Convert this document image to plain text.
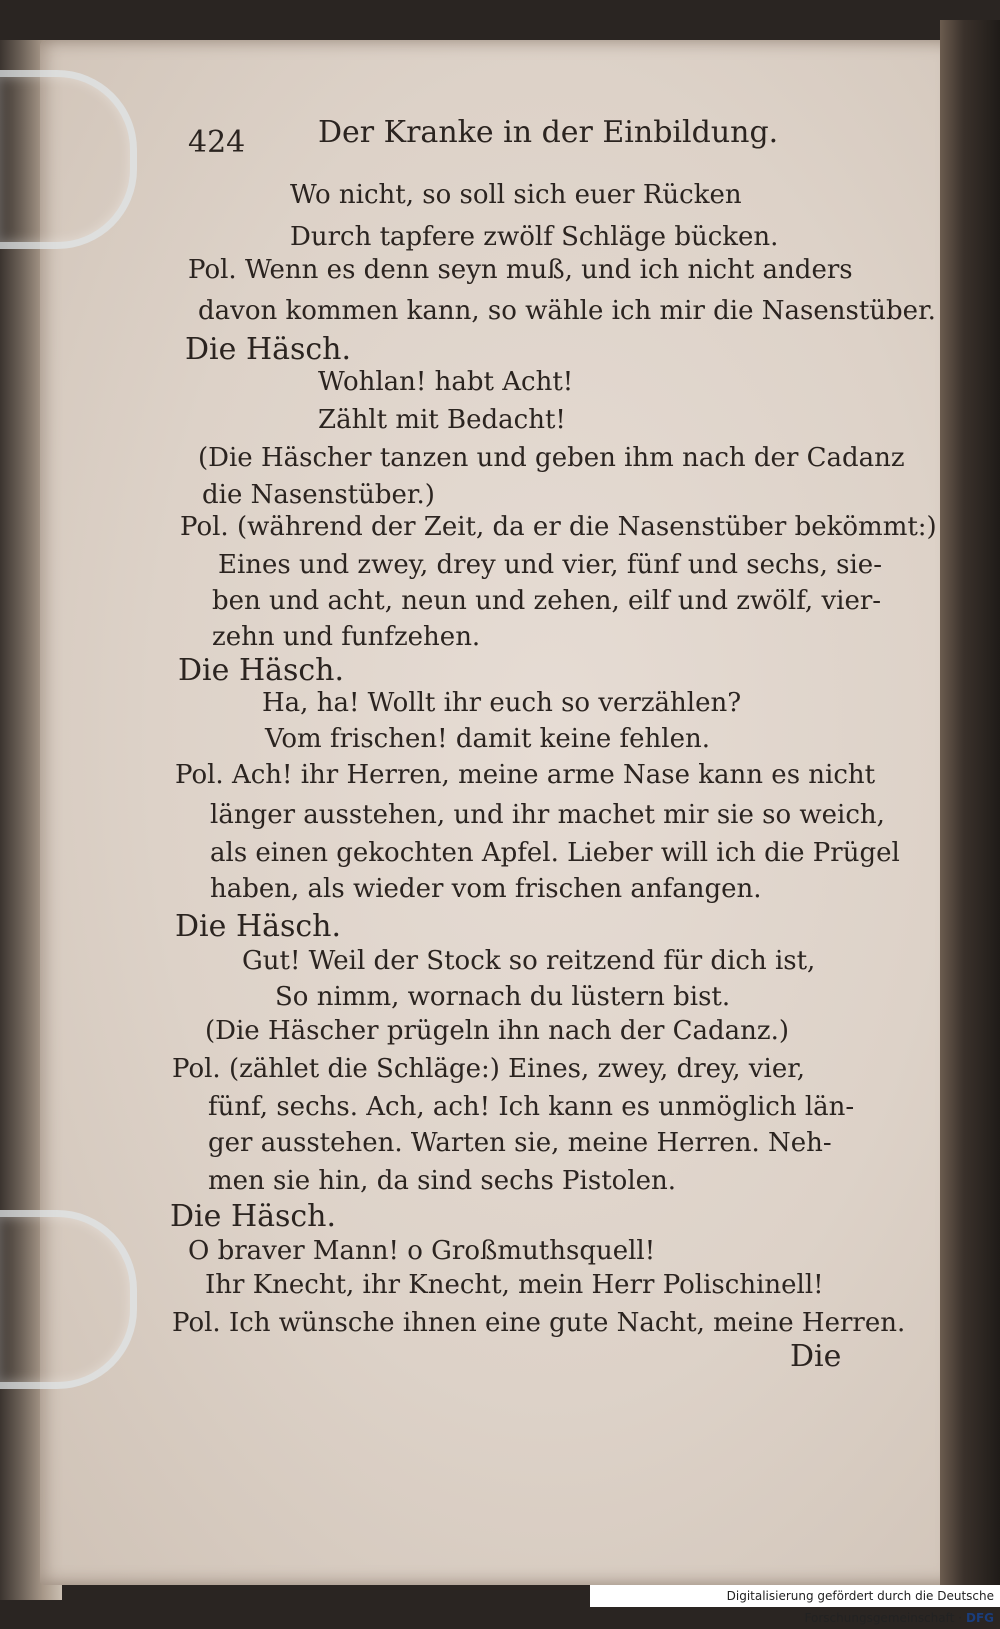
424 Der Kranke in der Einbildung.
Wo nicht, so soll sich euer Rücken
Durch tapfere zwölf Schläge bücken.
Pol. Wenn es denn seyn muß, und ich nicht anders
davon kommen kann, so wähle ich mir die Nasenstüber.
Die Häsch.
Wohlan! habt Acht!
Zählt mit Bedacht!
(Die Häscher tanzen und geben ihm nach der Cadanz
die Nasenstüber.)
Pol. (während der Zeit, da er die Nasenstüber bekömmt:)
Eines und zwey, drey und vier, fünf und sechs, sie-
ben und acht, neun und zehen, eilf und zwölf, vier-
zehn und funfzehen.
Die Häsch.
Ha, ha! Wollt ihr euch so verzählen?
Vom frischen! damit keine fehlen.
Pol. Ach! ihr Herren, meine arme Nase kann es nicht
länger ausstehen, und ihr machet mir sie so weich,
als einen gekochten Apfel. Lieber will ich die Prügel
haben, als wieder vom frischen anfangen.
Die Häsch.
Gut! Weil der Stock so reitzend für dich ist,
So nimm, wornach du lüstern bist.
(Die Häscher prügeln ihn nach der Cadanz.)
Pol. (zählet die Schläge:) Eines, zwey, drey, vier,
fünf, sechs. Ach, ach! Ich kann es unmöglich län-
ger ausstehen. Warten sie, meine Herren. Neh-
men sie hin, da sind sechs Pistolen.
Die Häsch.
O braver Mann! o Großmuthsquell!
Ihr Knecht, ihr Knecht, mein Herr Polischinell!
Pol. Ich wünsche ihnen eine gute Nacht, meine Herren.
Die
Digitalisierung gefördert durch die Deutsche Forschungsgemeinschaft · DFG
